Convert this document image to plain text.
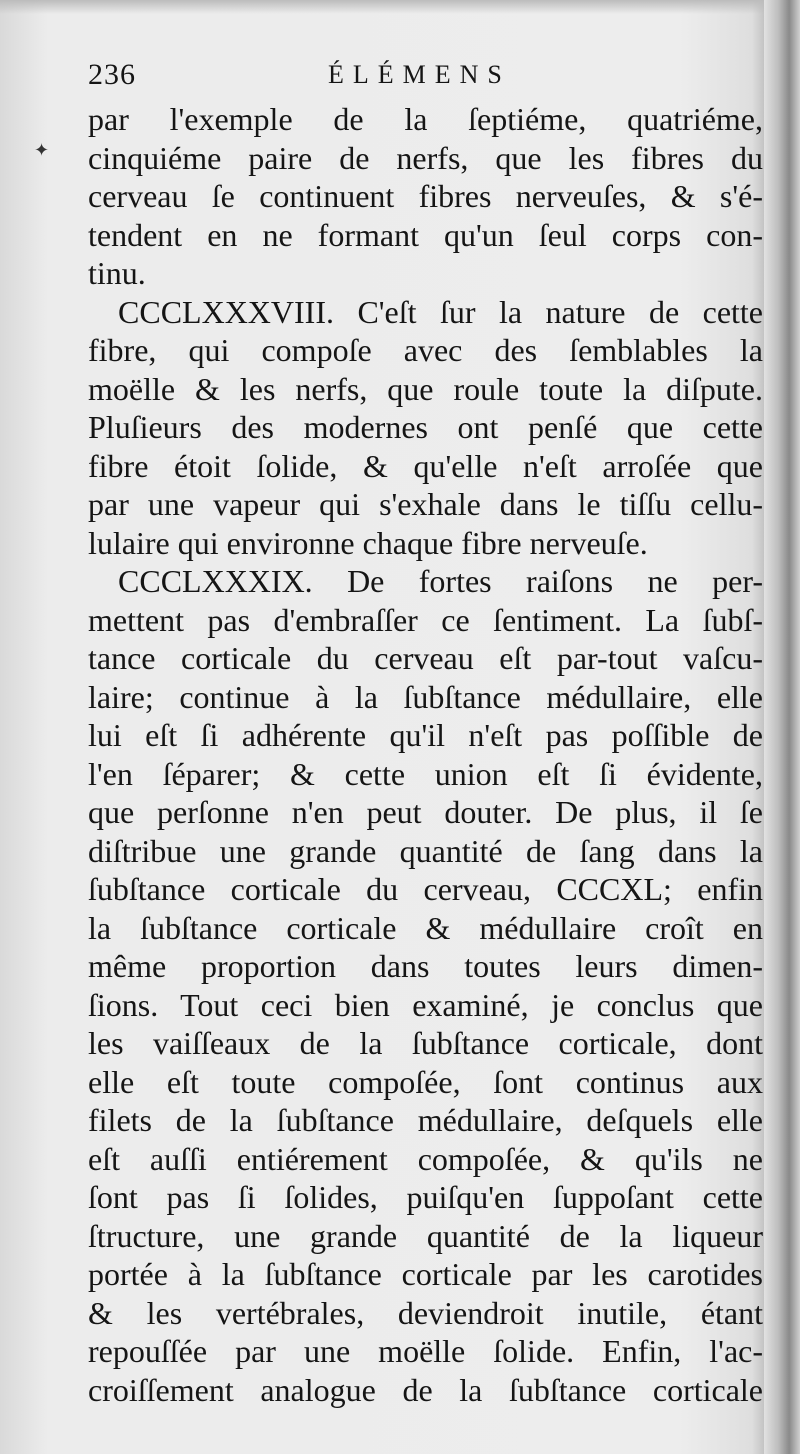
✦
236	ÉLÉMENS
par l'exemple de la ſeptiéme, quatriéme,
cinquiéme paire de nerfs, que les fibres du
cerveau ſe continuent fibres nerveuſes, & s'é-
tendent en ne formant qu'un ſeul corps con-
tinu.
CCCLXXXVIII. C'eſt ſur la nature de cette
fibre, qui compoſe avec des ſemblables la
moëlle & les nerfs, que roule toute la diſpute.
Pluſieurs des modernes ont penſé que cette
fibre étoit ſolide, & qu'elle n'eſt arroſée que
par une vapeur qui s'exhale dans le tiſſu cellu-
lulaire qui environne chaque fibre nerveuſe.
CCCLXXXIX. De fortes raiſons ne per-
mettent pas d'embraſſer ce ſentiment. La ſubſ-
tance corticale du cerveau eſt par-tout vaſcu-
laire; continue à la ſubſtance médullaire, elle
lui eſt ſi adhérente qu'il n'eſt pas poſſible de
l'en ſéparer; & cette union eſt ſi évidente,
que perſonne n'en peut douter. De plus, il ſe
diſtribue une grande quantité de ſang dans la
ſubſtance corticale du cerveau, CCCXL; enfin
la ſubſtance corticale & médullaire croît en
même proportion dans toutes leurs dimen-
ſions. Tout ceci bien examiné, je conclus que
les vaiſſeaux de la ſubſtance corticale, dont
elle eſt toute compoſée, ſont continus aux
filets de la ſubſtance médullaire, deſquels elle
eſt auſſi entiérement compoſée, & qu'ils ne
ſont pas ſi ſolides, puiſqu'en ſuppoſant cette
ſtructure, une grande quantité de la liqueur
portée à la ſubſtance corticale par les carotides
& les vertébrales, deviendroit inutile, étant
repouſſée par une moëlle ſolide. Enfin, l'ac-
croiſſement analogue de la ſubſtance corticale
